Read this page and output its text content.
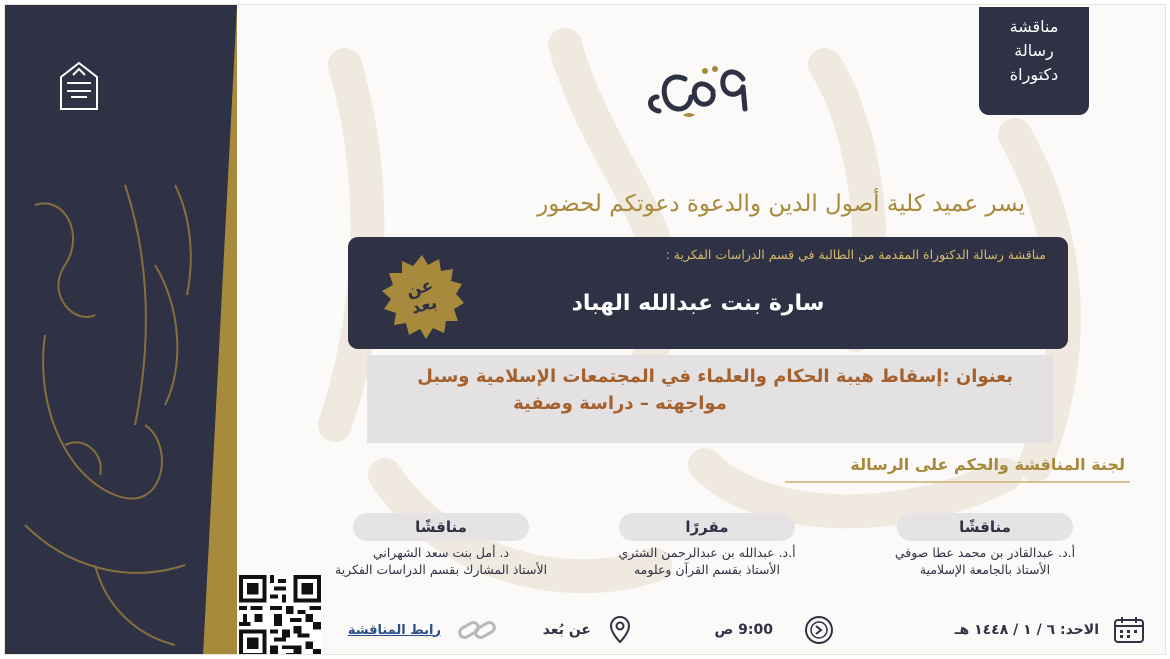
مناقشة
رسالة
دكتوراة
يسر عميد كلية أصول الدين والدعوة دعوتكم لحضور
مناقشة رسالة الدكتوراة المقدمة من الطالبة في قسم الدراسات الفكرية :
سارة بنت عبدالله الهباد
عن
بعد
بعنوان :إسقاط هيبة الحكام والعلماء في المجتمعات الإسلامية وسبل
مواجهته – دراسة وصفية
لجنة المناقشة والحكم على الرسالة
مناقشًا
أ.د. عبدالقادر بن محمد عطا صوفي
الأستاذ بالجامعة الإسلامية
مقررًا
أ.د. عبدالله بن عبدالرحمن الشثري
الأستاذ بقسم القرآن وعلومه
مناقشًا
د. أمل بنت سعد الشهراني
الأستاذ المشارك بقسم الدراسات الفكرية
الاحد: ٦ / ١ / ١٤٤٨ هـ
9:00 ص
عن بُعد
رابط المناقشة
